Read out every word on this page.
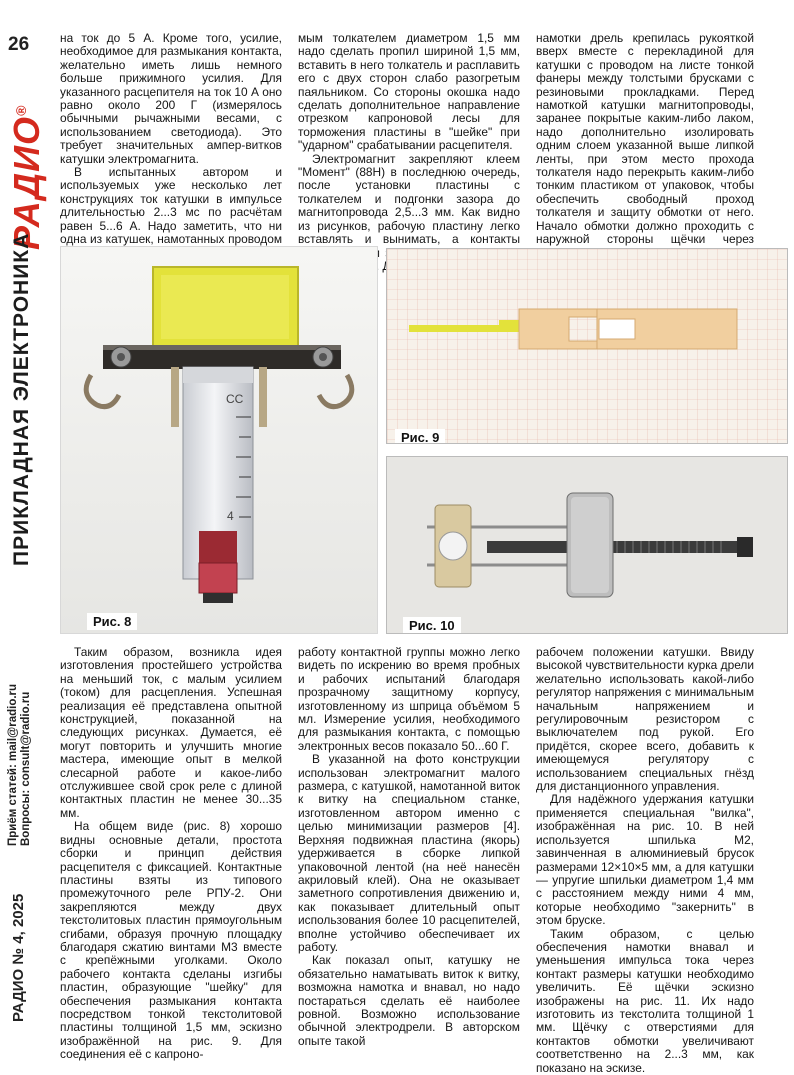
26
РАДИО®
ПРИКЛАДНАЯ ЭЛЕКТРОНИКА
Приём статей: mail@radio.ru Вопросы: consult@radio.ru
РАДИО № 4, 2025

на ток до 5 А. Кроме того, усилие, необходимое для размыкания контакта, желательно иметь лишь немного больше прижимного усилия. Для указанного расцепителя на ток 10 А оно равно около 200 Г (измерялось обычными рычажными весами, с использованием светодиода). Это требует значительных ампер-витков катушки электромагнита.

В испытанных автором и используемых уже несколько лет конструкциях ток катушки в импульсе длительностью 2...3 мс по расчётам равен 5...6 А. Надо заметить, что ни одна из катушек, намотанных проводом

мым толкателем диаметром 1,5 мм надо сделать пропил шириной 1,5 мм, вставить в него толкатель и расплавить его с двух сторон слабо разогретым паяльником. Со стороны окошка надо сделать дополнительное направление отрезком капроновой лесы для торможения пластины в "шейке" при "ударном" срабатывании расцепителя.

Электромагнит закрепляют клеем "Момент" (88Н) в последнюю очередь, после установки пластины с толкателем и подгонки зазора до магнитопровода 2,5...3 мм. Как видно из рисунков, рабочую пластину легко вставлять и вынимать, а контакты

намотки дрель крепилась рукояткой вверх вместе с перекладиной для катушки с проводом на листе тонкой фанеры между толстыми брусками с резиновыми прокладками. Перед намоткой катушки магнитопроводы, заранее покрытые каким-либо лаком, надо дополнительно изолировать одним слоем указанной выше липкой ленты, при этом место прохода толкателя надо перекрыть каким-либо тонким пластиком от упаковок, чтобы обеспечить свободный проход толкателя и защиту обмотки от него. Начало обмотки должно проходить с наружной стороны щёчки через

СС
4
Рис. 8
Рис. 9
Рис. 10

Таким образом, возникла идея изготовления простейшего устройства на меньший ток, с малым усилием (током) для расцепления. Успешная реализация её представлена опытной конструкцией, показанной на следующих рисунках. Думается, её могут повторить и улучшить многие мастера, имеющие опыт в мелкой слесарной работе и какое-либо отслужившее свой срок реле с длиной контактных пластин не менее 30...35 мм.

На общем виде (рис. 8) хорошо видны основные детали, простота сборки и принцип действия расцепителя с фиксацией. Контактные пластины взяты из типового промежуточного реле РПУ-2. Они закрепляются между двух текстолитовых пластин прямоугольным сгибами, образуя прочную площадку благодаря сжатию винтами М3 вместе с крепёжными уголками. Около рабочего контакта сделаны изгибы пластин, образующие "шейку" для обеспечения размыкания контакта посредством тонкой текстолитовой пластины толщиной 1,5 мм, эскизно изображённой на рис. 9. Для соединения её с капроно-

работу контактной группы можно легко видеть по искрению во время пробных и рабочих испытаний благодаря прозрачному защитному корпусу, изготовленному из шприца объёмом 5 мл. Измерение усилия, необходимого для размыкания контакта, с помощью электронных весов показало 50...60 Г.

В указанной на фото конструкции использован электромагнит малого размера, с катушкой, намотанной виток к витку на специальном станке, изготовленном автором именно с целью минимизации размеров [4]. Верхняя подвижная пластина (якорь) удерживается в сборке липкой упаковочной лентой (на неё нанесён акриловый клей). Она не оказывает заметного сопротивления движению и, как показывает длительный опыт использования более 10 расцепителей, вполне устойчиво обеспечивает их работу.

Как показал опыт, катушку не обязательно наматывать виток к витку, возможна намотка и внавал, но надо постараться сделать её наиболее ровной. Возможно использование обычной электродрели. В авторском опыте такой

рабочем положении катушки. Ввиду высокой чувствительности курка дрели желательно использовать какой-либо регулятор напряжения с минимальным начальным напряжением и регулировочным резистором с выключателем под рукой. Его придётся, скорее всего, добавить к имеющемуся регулятору с использованием специальных гнёзд для дистанционного управления.

Для надёжного удержания катушки применяется специальная "вилка", изображённая на рис. 10. В ней используется шпилька М2, завинченная в алюминиевый брусок размерами 12×10×5 мм, а для катушки — упругие шпильки диаметром 1,4 мм с расстоянием между ними 4 мм, которые необходимо "закернить" в этом бруске.

Таким образом, с целью обеспечения намотки внавал и уменьшения импульса тока через контакт размеры катушки необходимо увеличить. Её щёчки эскизно изображены на рис. 11. Их надо изготовить из текстолита толщиной 1 мм. Щёчку с отверстиями для контактов обмотки увеличивают соответственно на 2...3 мм, как показано на эскизе.
